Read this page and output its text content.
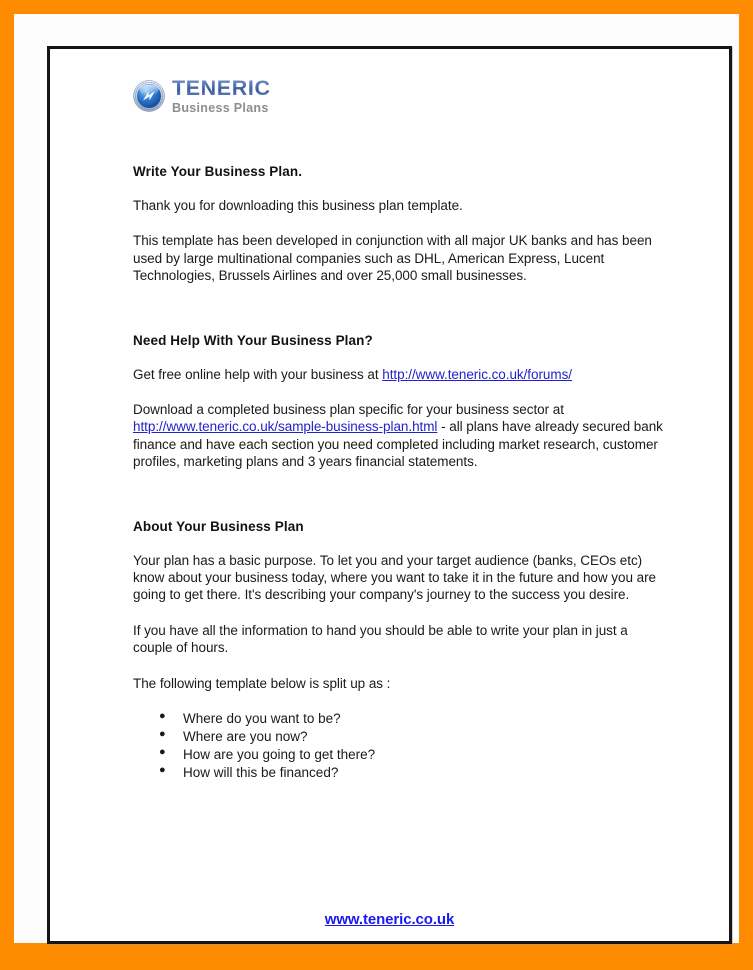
TENERIC
Business Plans
Write Your Business Plan.

Thank you for downloading this business plan template.

This template has been developed in conjunction with all major UK banks and has been used by large multinational companies such as DHL, American Express, Lucent Technologies, Brussels Airlines and over 25,000 small businesses.

Need Help With Your Business Plan?

Get free online help with your business at http://www.teneric.co.uk/forums/

Download a completed business plan specific for your business sector at http://www.teneric.co.uk/sample-business-plan.html - all plans have already secured bank finance and have each section you need completed including market research, customer profiles, marketing plans and 3 years financial statements.

About Your Business Plan

Your plan has a basic purpose. To let you and your target audience (banks, CEOs etc) know about your business today, where you want to take it in the future and how you are going to get there. It's describing your company's journey to the success you desire.

If you have all the information to hand you should be able to write your plan in just a couple of hours.

The following template below is split up as :

● Where do you want to be?
● Where are you now?
● How are you going to get there?
● How will this be financed?
www.teneric.co.uk
